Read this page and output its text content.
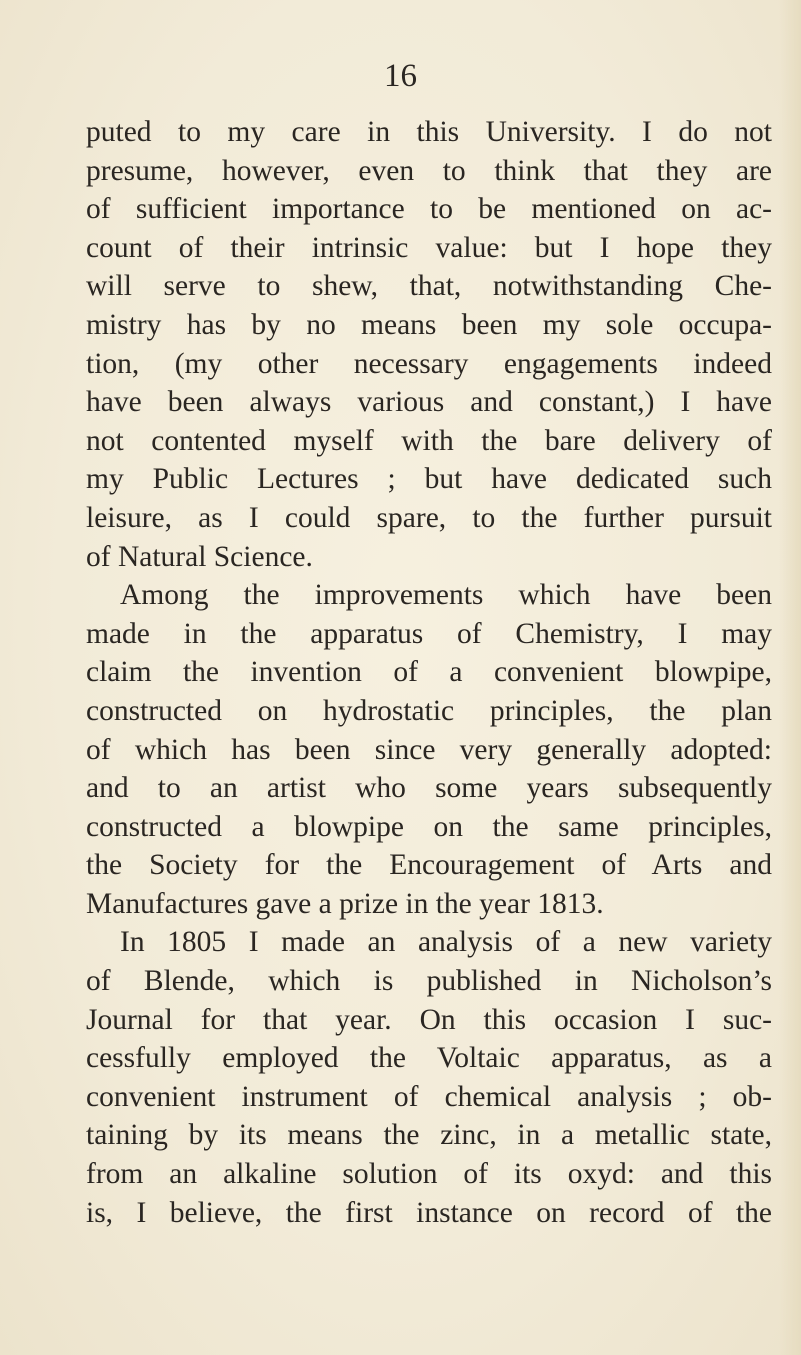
16
puted to my care in this University. I do not
presume, however, even to think that they are
of sufficient importance to be mentioned on ac-
count of their intrinsic value: but I hope they
will serve to shew, that, notwithstanding Che-
mistry has by no means been my sole occupa-
tion, (my other necessary engagements indeed
have been always various and constant,) I have
not contented myself with the bare delivery of
my Public Lectures ; but have dedicated such
leisure, as I could spare, to the further pursuit
of Natural Science.
Among the improvements which have been
made in the apparatus of Chemistry, I may
claim the invention of a convenient blowpipe,
constructed on hydrostatic principles, the plan
of which has been since very generally adopted:
and to an artist who some years subsequently
constructed a blowpipe on the same principles,
the Society for the Encouragement of Arts and
Manufactures gave a prize in the year 1813.
In 1805 I made an analysis of a new variety
of Blende, which is published in Nicholson’s
Journal for that year. On this occasion I suc-
cessfully employed the Voltaic apparatus, as a
convenient instrument of chemical analysis ; ob-
taining by its means the zinc, in a metallic state,
from an alkaline solution of its oxyd: and this
is, I believe, the first instance on record of the
